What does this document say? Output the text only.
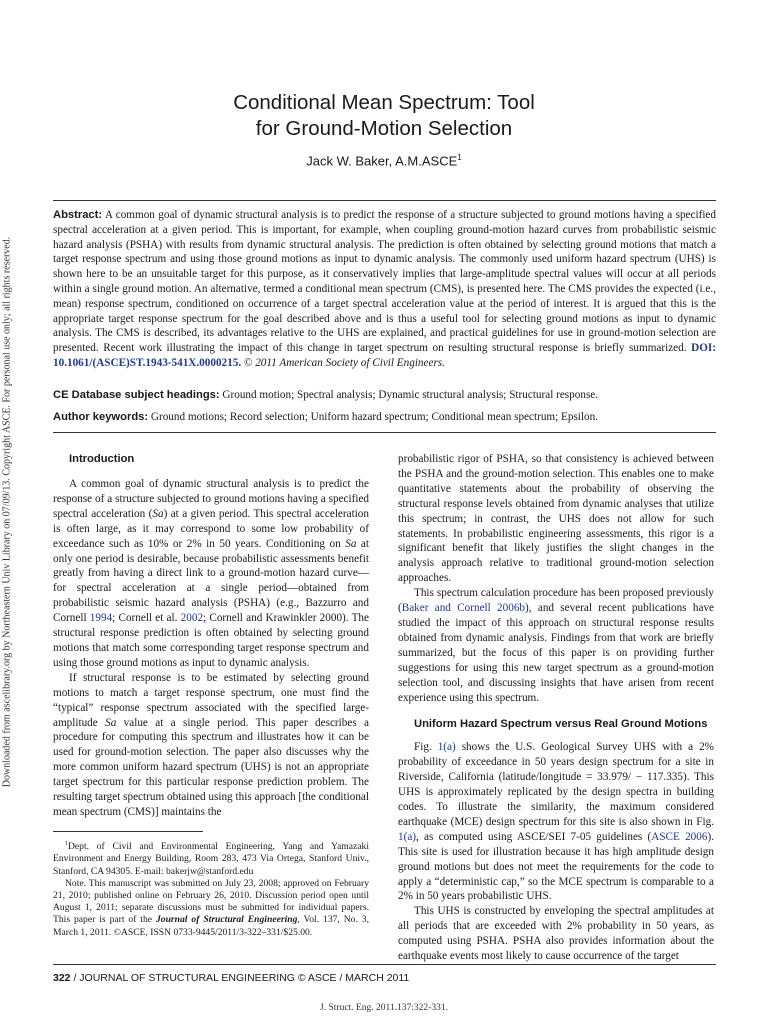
Downloaded from ascelibrary.org by Northeastern Univ Library on 07/09/13. Copyright ASCE. For personal use only; all rights reserved.
Conditional Mean Spectrum: Tool
for Ground-Motion Selection
Jack W. Baker, A.M.ASCE$^1$

Abstract: A common goal of dynamic structural analysis is to predict the response of a structure subjected to ground motions having a specified spectral acceleration at a given period. This is important, for example, when coupling ground-motion hazard curves from probabilistic seismic hazard analysis (PSHA) with results from dynamic structural analysis. The prediction is often obtained by selecting ground motions that match a target response spectrum and using those ground motions as input to dynamic analysis. The commonly used uniform hazard spectrum (UHS) is shown here to be an unsuitable target for this purpose, as it conservatively implies that large-amplitude spectral values will occur at all periods within a single ground motion. An alternative, termed a conditional mean spectrum (CMS), is presented here. The CMS provides the expected (i.e., mean) response spectrum, conditioned on occurrence of a target spectral acceleration value at the period of interest. It is argued that this is the appropriate target response spectrum for the goal described above and is thus a useful tool for selecting ground motions as input to dynamic analysis. The CMS is described, its advantages relative to the UHS are explained, and practical guidelines for use in ground-motion selection are presented. Recent work illustrating the impact of this change in target spectrum on resulting structural response is briefly summarized. DOI: 10.1061/(ASCE)ST.1943-541X.0000215. © 2011 American Society of Civil Engineers.

CE Database subject headings: Ground motion; Spectral analysis; Dynamic structural analysis; Structural response.

Author keywords: Ground motions; Record selection; Uniform hazard spectrum; Conditional mean spectrum; Epsilon.

Introduction

A common goal of dynamic structural analysis is to predict the response of a structure subjected to ground motions having a specified spectral acceleration (Sa) at a given period. This spectral acceleration is often large, as it may correspond to some low probability of exceedance such as 10% or 2% in 50 years. Conditioning on Sa at only one period is desirable, because probabilistic assessments benefit greatly from having a direct link to a ground-motion hazard curve—for spectral acceleration at a single period—obtained from probabilistic seismic hazard analysis (PSHA) (e.g., Bazzurro and Cornell 1994; Cornell et al. 2002; Cornell and Krawinkler 2000). The structural response prediction is often obtained by selecting ground motions that match some corresponding target response spectrum and using those ground motions as input to dynamic analysis.

If structural response is to be estimated by selecting ground motions to match a target response spectrum, one must find the “typical” response spectrum associated with the specified large-amplitude Sa value at a single period. This paper describes a procedure for computing this spectrum and illustrates how it can be used for ground-motion selection. The paper also discusses why the more common uniform hazard spectrum (UHS) is not an appropriate target spectrum for this particular response prediction problem. The resulting target spectrum obtained using this approach [the conditional mean spectrum (CMS)] maintains the

probabilistic rigor of PSHA, so that consistency is achieved between the PSHA and the ground-motion selection. This enables one to make quantitative statements about the probability of observing the structural response levels obtained from dynamic analyses that utilize this spectrum; in contrast, the UHS does not allow for such statements. In probabilistic engineering assessments, this rigor is a significant benefit that likely justifies the slight changes in the analysis approach relative to traditional ground-motion selection approaches.

This spectrum calculation procedure has been proposed previously (Baker and Cornell 2006b), and several recent publications have studied the impact of this approach on structural response results obtained from dynamic analysis. Findings from that work are briefly summarized, but the focus of this paper is on providing further suggestions for using this new target spectrum as a ground-motion selection tool, and discussing insights that have arisen from recent experience using this spectrum.

Uniform Hazard Spectrum versus Real Ground Motions

Fig. 1(a) shows the U.S. Geological Survey UHS with a 2% probability of exceedance in 50 years design spectrum for a site in Riverside, California (latitude/longitude = 33.979/ − 117.335). This UHS is approximately replicated by the design spectra in building codes. To illustrate the similarity, the maximum considered earthquake (MCE) design spectrum for this site is also shown in Fig. 1(a), as computed using ASCE/SEI 7-05 guidelines (ASCE 2006). This site is used for illustration because it has high amplitude design ground motions but does not meet the requirements for the code to apply a “deterministic cap,” so the MCE spectrum is comparable to a 2% in 50 years probabilistic UHS.

This UHS is constructed by enveloping the spectral amplitudes at all periods that are exceeded with 2% probability in 50 years, as computed using PSHA. PSHA also provides information about the earthquake events most likely to cause occurrence of the target

$^1$Dept. of Civil and Environmental Engineering, Yang and Yamazaki Environment and Energy Building, Room 283, 473 Via Ortega, Stanford Univ., Stanford, CA 94305. E-mail: bakerjw@stanford.edu

Note. This manuscript was submitted on July 23, 2008; approved on February 21, 2010; published online on February 26, 2010. Discussion period open until August 1, 2011; separate discussions must be submitted for individual papers. This paper is part of the Journal of Structural Engineering, Vol. 137, No. 3, March 1, 2011. ©ASCE, ISSN 0733-9445/2011/3-322–331/$25.00.

322 / JOURNAL OF STRUCTURAL ENGINEERING © ASCE / MARCH 2011
J. Struct. Eng. 2011.137:322-331.
